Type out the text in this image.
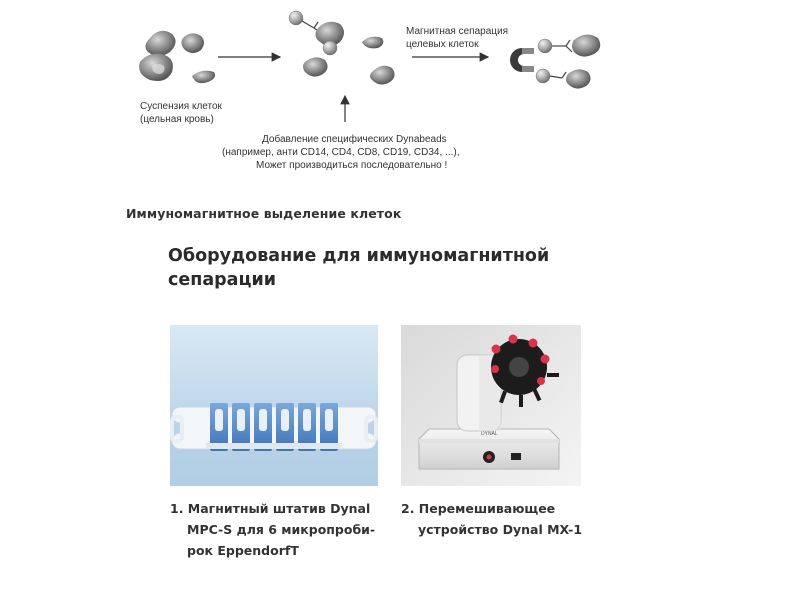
Суспензия клеток
(цельная кровь)
Добавление специфических Dynabeads
(например, анти CD14, CD4, CD8, CD19, CD34, ...),
Может производиться последовательно !
Магнитная сепарация
целевых клеток
Иммуномагнитное выделение клеток
Оборудование для иммуномагнитной
сепарации
DYNAL
1. Магнитный штатив Dynal
MPC-S для 6 микропроби-
рок EppendorfT
2. Перемешивающее
устройство Dynal MX-1
